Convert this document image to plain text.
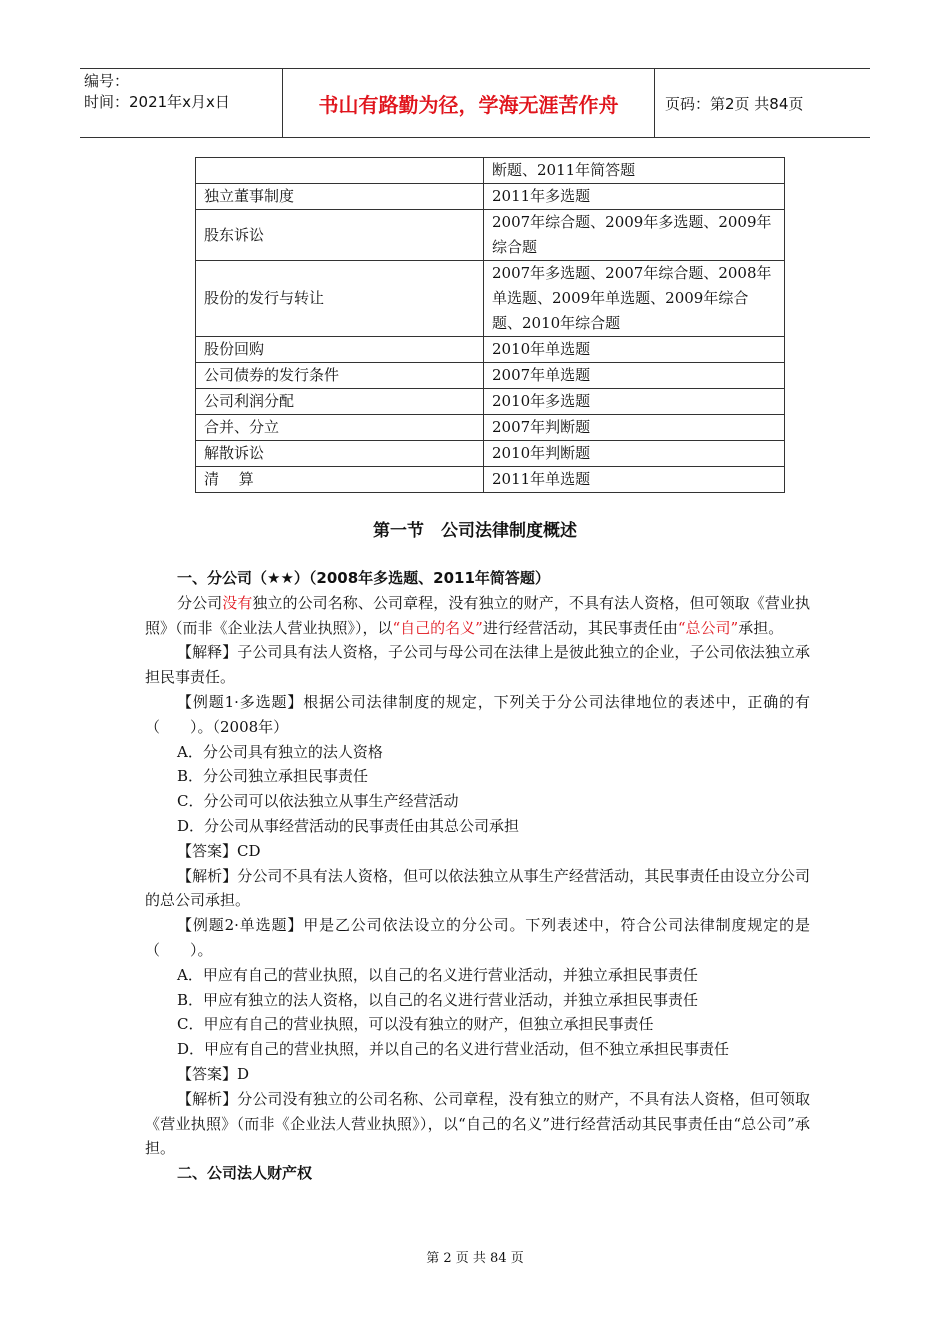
编号：
时间：2021年x月x日	书山有路勤为径，学海无涯苦作舟	页码：第2页 共84页
	断题、2011年简答题
独立董事制度	2011年多选题
股东诉讼	2007年综合题、2009年多选题、2009年综合题
股份的发行与转让	2007年多选题、2007年综合题、2008年单选题、2009年单选题、2009年综合题、2010年综合题
股份回购	2010年单选题
公司债券的发行条件	2007年单选题
公司利润分配	2010年多选题
合并、分立	2007年判断题
解散诉讼	2010年判断题
清　 算	2011年单选题
第一节　公司法律制度概述

一、分公司（★★）（2008年多选题、2011年简答题）

分公司没有独立的公司名称、公司章程，没有独立的财产，不具有法人资格，但可领取《营业执照》（而非《企业法人营业执照》），以“自己的名义”进行经营活动，其民事责任由“总公司”承担。

【解释】子公司具有法人资格，子公司与母公司在法律上是彼此独立的企业，子公司依法独立承担民事责任。

【例题1·多选题】根据公司法律制度的规定，下列关于分公司法律地位的表述中，正确的有（　　）。（2008年）

A．分公司具有独立的法人资格

B．分公司独立承担民事责任

C．分公司可以依法独立从事生产经营活动

D．分公司从事经营活动的民事责任由其总公司承担

【答案】CD

【解析】分公司不具有法人资格，但可以依法独立从事生产经营活动，其民事责任由设立分公司的总公司承担。

【例题2·单选题】甲是乙公司依法设立的分公司。下列表述中，符合公司法律制度规定的是（　　）。

A．甲应有自己的营业执照，以自己的名义进行营业活动，并独立承担民事责任

B．甲应有独立的法人资格，以自己的名义进行营业活动，并独立承担民事责任

C．甲应有自己的营业执照，可以没有独立的财产，但独立承担民事责任

D．甲应有自己的营业执照，并以自己的名义进行营业活动，但不独立承担民事责任

【答案】D

【解析】分公司没有独立的公司名称、公司章程，没有独立的财产，不具有法人资格，但可领取《营业执照》（而非《企业法人营业执照》），以“自己的名义”进行经营活动其民事责任由“总公司”承担。

二、公司法人财产权

第 2 页 共 84 页
